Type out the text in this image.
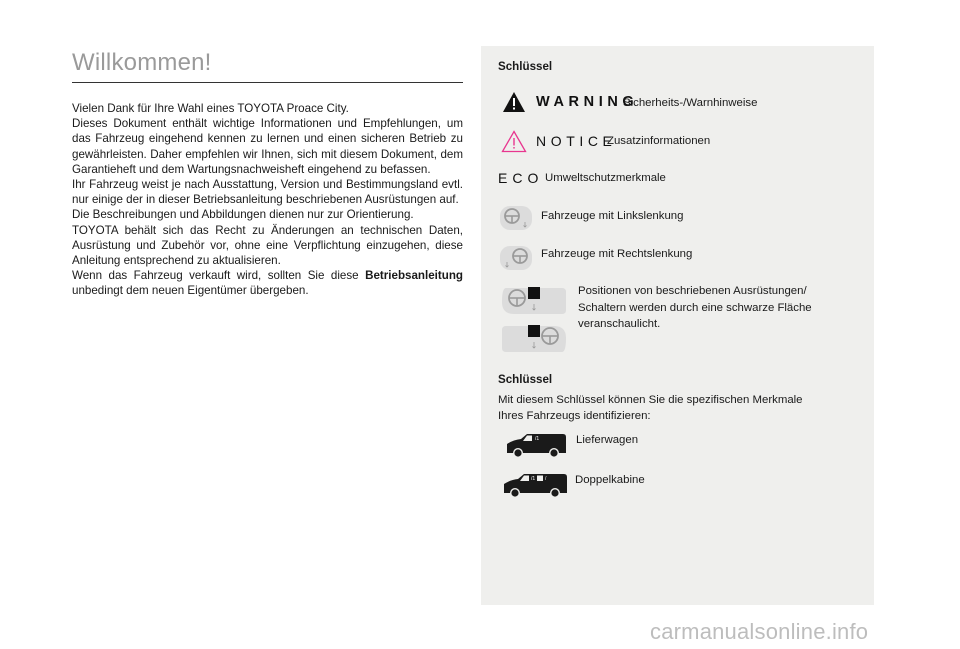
Willkommen!

Vielen Dank für Ihre Wahl eines TOYOTA Proace City.

Dieses Dokument enthält wichtige Informationen und Empfehlungen, um das Fahrzeug eingehend kennen zu lernen und einen sicheren Betrieb zu gewährleisten. Daher empfehlen wir Ihnen, sich mit diesem Dokument, dem Garantieheft und dem Wartungsnachweisheft eingehend zu befassen.

Ihr Fahrzeug weist je nach Ausstattung, Version und Bestimmungsland evtl. nur einige der in dieser Betriebsanleitung beschriebenen Ausrüstungen auf.

Die Beschreibungen und Abbildungen dienen nur zur Orientierung.

TOYOTA behält sich das Recht zu Änderungen an technischen Daten, Ausrüstung und Zubehör vor, ohne eine Verpflichtung einzugehen, diese Anleitung entsprechend zu aktualisieren.

Wenn das Fahrzeug verkauft wird, sollten Sie diese Betriebsanleitung unbedingt dem neuen Eigentümer übergeben.

Schlüssel
WARNING
Sicherheits-/Warnhinweise
NOTICE
Zusatzinformationen
ECO Umweltschutzmerkmale
Fahrzeuge mit Linkslenkung
Fahrzeuge mit Rechtslenkung
Positionen von beschriebenen Ausrüstungen/ Schaltern werden durch eine schwarze Fläche veranschaulicht.
Schlüssel
Mit diesem Schlüssel können Sie die spezifischen Merkmale Ihres Fahrzeugs identifizieren:
/1	Lieferwagen
/1 /	Doppelkabine
carmanualsonline.info
